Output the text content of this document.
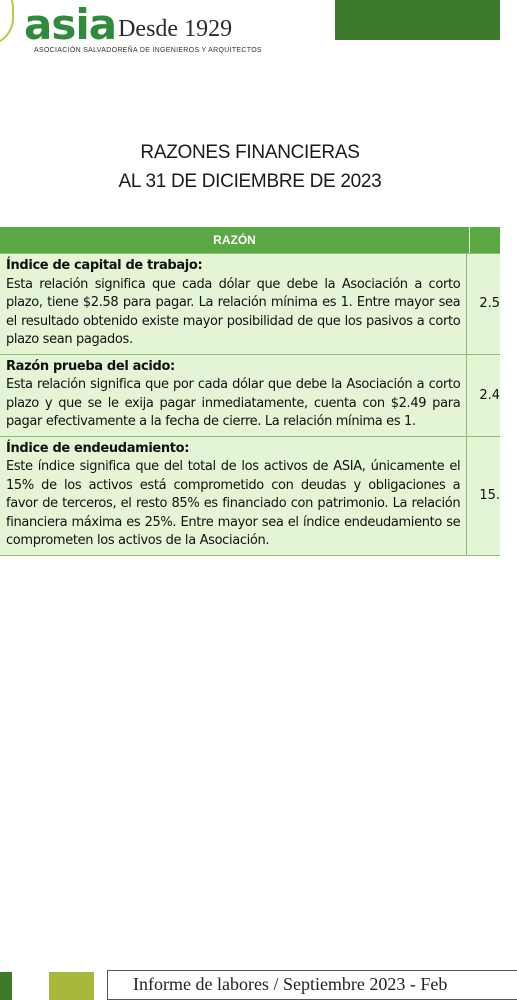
asia Desde 1929
ASOCIACIÓN SALVADOREÑA DE INGENIEROS Y ARQUITECTOS
RAZONES FINANCIERAS
AL 31 DE DICIEMBRE DE 2023
RAZÓN
Índice de capital de trabajo:
Esta relación significa que cada dólar que debe la Asociación a corto plazo, tiene $2.58 para pagar. La relación mínima es 1. Entre mayor sea el resultado obtenido existe mayor posibilidad de que los pasivos a corto plazo sean pagados.
2.5
Razón prueba del acido:
Esta relación significa que por cada dólar que debe la Asociación a corto plazo y que se le exija pagar inmediatamente, cuenta con $2.49 para pagar efectivamente a la fecha de cierre. La relación mínima es 1.
2.4
Índice de endeudamiento:
Este índice significa que del total de los activos de ASIA, únicamente el 15% de los activos está comprometido con deudas y obligaciones a favor de terceros, el resto 85% es financiado con patrimonio. La relación financiera máxima es 25%. Entre mayor sea el índice endeudamiento se comprometen los activos de la Asociación.
15.
Informe de labores / Septiembre 2023 - Feb
